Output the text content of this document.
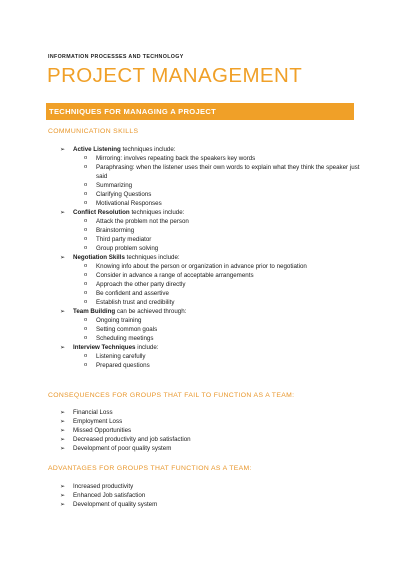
INFORMATION PROCESSES AND TECHNOLOGY
PROJECT MANAGEMENT
TECHNIQUES FOR MANAGING A PROJECT
COMMUNICATION SKILLS
➢ Active Listening techniques include:
o Mirroring: involves repeating back the speakers key words
o Paraphrasing: when the listener uses their own words to explain what they think the speaker just said
o Summarizing
o Clarifying Questions
o Motivational Responses
➢ Conflict Resolution techniques include:
o Attack the problem not the person
o Brainstorming
o Third party mediator
o Group problem solving
➢ Negotiation Skills techniques include:
o Knowing info about the person or organization in advance prior to negotiation
o Consider in advance a range of acceptable arrangements
o Approach the other party directly
o Be confident and assertive
o Establish trust and credibility
➢ Team Building can be achieved through:
o Ongoing training
o Setting common goals
o Scheduling meetings
➢ Interview Techniques include:
o Listening carefully
o Prepared questions
CONSEQUENCES FOR GROUPS THAT FAIL TO FUNCTION AS A TEAM:
➢ Financial Loss
➢ Employment Loss
➢ Missed Opportunities
➢ Decreased productivity and job satisfaction
➢ Development of poor quality system
ADVANTAGES FOR GROUPS THAT FUNCTION AS A TEAM:
➢ Increased productivity
➢ Enhanced Job satisfaction
➢ Development of quality system
